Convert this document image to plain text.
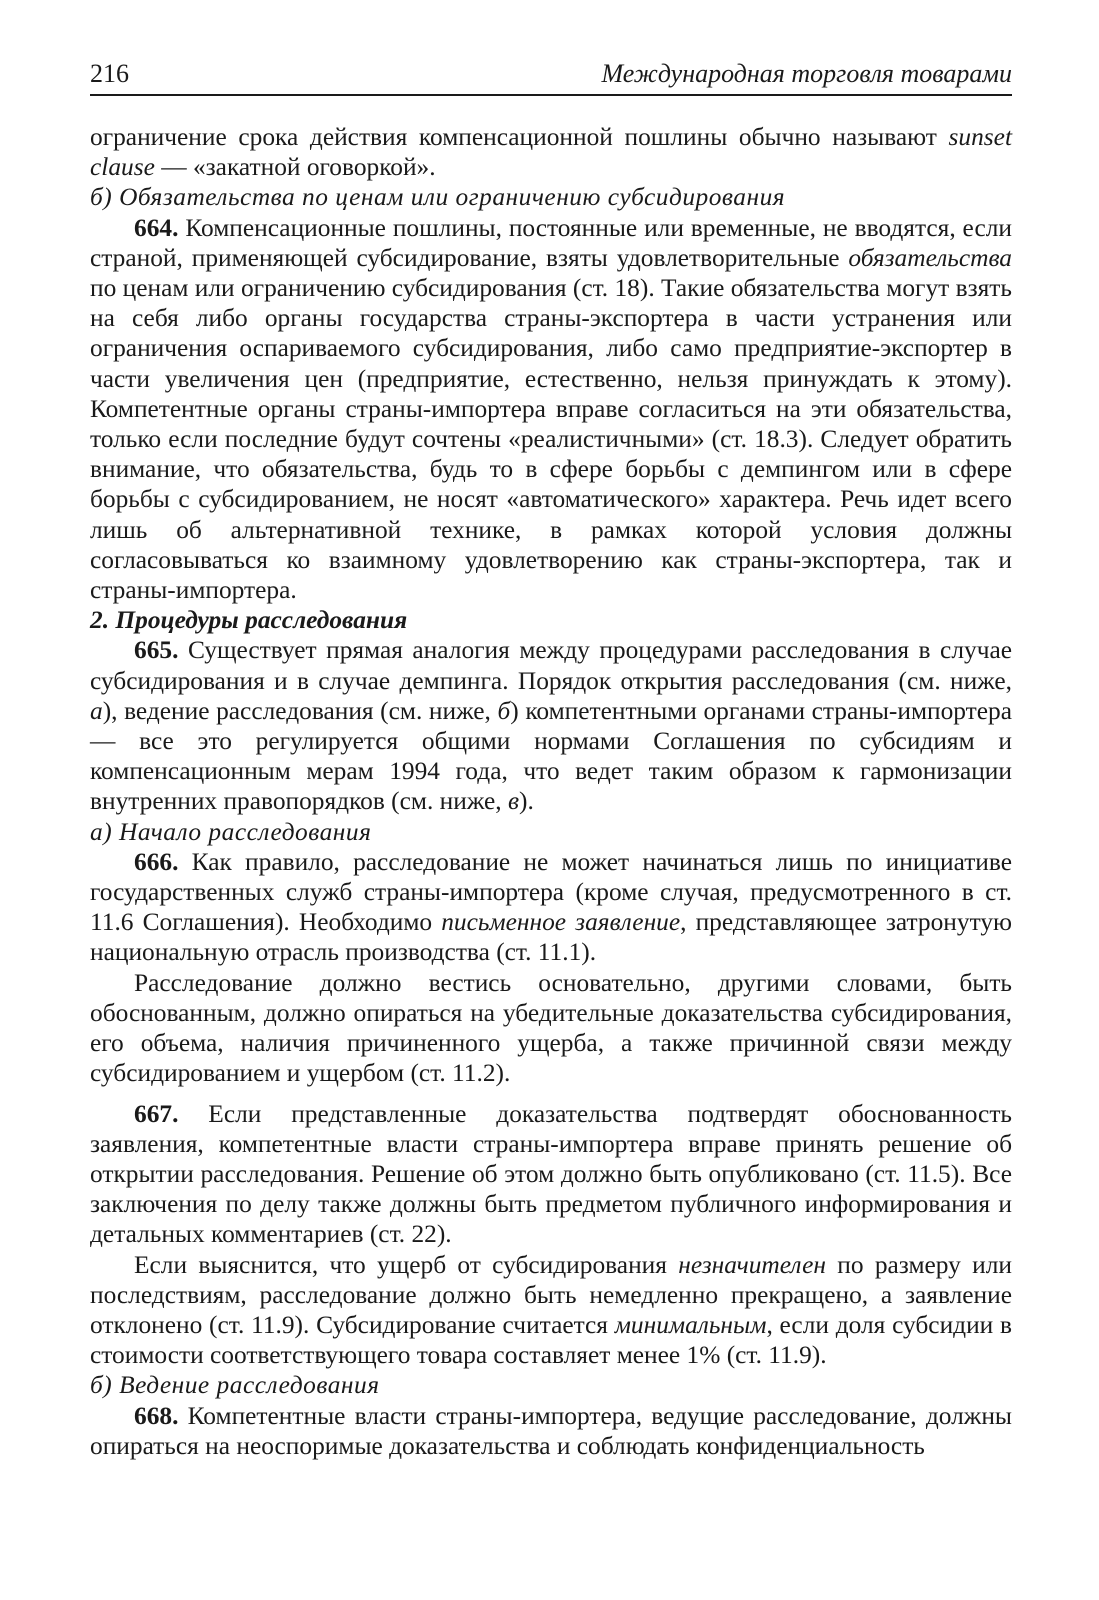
216	Международная торговля товарами

ограничение срока действия компенсационной пошлины обычно называют sunset clause — «закатной оговоркой».

б) Обязательства по ценам или ограничению субсидирования

664. Компенсационные пошлины, постоянные или временные, не вводятся, если страной, применяющей субсидирование, взяты удовлетворительные обязательства по ценам или ограничению субсидирования (ст. 18). Такие обязательства могут взять на себя либо органы государства страны-экспортера в части устранения или ограничения оспариваемого субсидирования, либо само предприятие-экспортер в части увеличения цен (предприятие, естественно, нельзя принуждать к этому). Компетентные органы страны-импортера вправе согласиться на эти обязательства, только если последние будут сочтены «реалистичными» (ст. 18.3). Следует обратить внимание, что обязательства, будь то в сфере борьбы с демпингом или в сфере борьбы с субсидированием, не носят «автоматического» характера. Речь идет всего лишь об альтернативной технике, в рамках которой условия должны согласовываться ко взаимному удовлетворению как страны-экспортера, так и страны-импортера.

2. Процедуры расследования

665. Существует прямая аналогия между процедурами расследования в случае субсидирования и в случае демпинга. Порядок открытия расследования (см. ниже, а), ведение расследования (см. ниже, б) компетентными органами страны-импортера — все это регулируется общими нормами Соглашения по субсидиям и компенсационным мерам 1994 года, что ведет таким образом к гармонизации внутренних правопорядков (см. ниже, в).

а) Начало расследования

666. Как правило, расследование не может начинаться лишь по инициативе государственных служб страны-импортера (кроме случая, предусмотренного в ст. 11.6 Соглашения). Необходимо письменное заявление, представляющее затронутую национальную отрасль производства (ст. 11.1).

Расследование должно вестись основательно, другими словами, быть обоснованным, должно опираться на убедительные доказательства субсидирования, его объема, наличия причиненного ущерба, а также причинной связи между субсидированием и ущербом (ст. 11.2).

667. Если представленные доказательства подтвердят обоснованность заявления, компетентные власти страны-импортера вправе принять решение об открытии расследования. Решение об этом должно быть опубликовано (ст. 11.5). Все заключения по делу также должны быть предметом публичного информирования и детальных комментариев (ст. 22).

Если выяснится, что ущерб от субсидирования незначителен по размеру или последствиям, расследование должно быть немедленно прекращено, а заявление отклонено (ст. 11.9). Субсидирование считается минимальным, если доля субсидии в стоимости соответствующего товара составляет менее 1% (ст. 11.9).

б) Ведение расследования

668. Компетентные власти страны-импортера, ведущие расследование, должны опираться на неоспоримые доказательства и соблюдать конфиденциальность
